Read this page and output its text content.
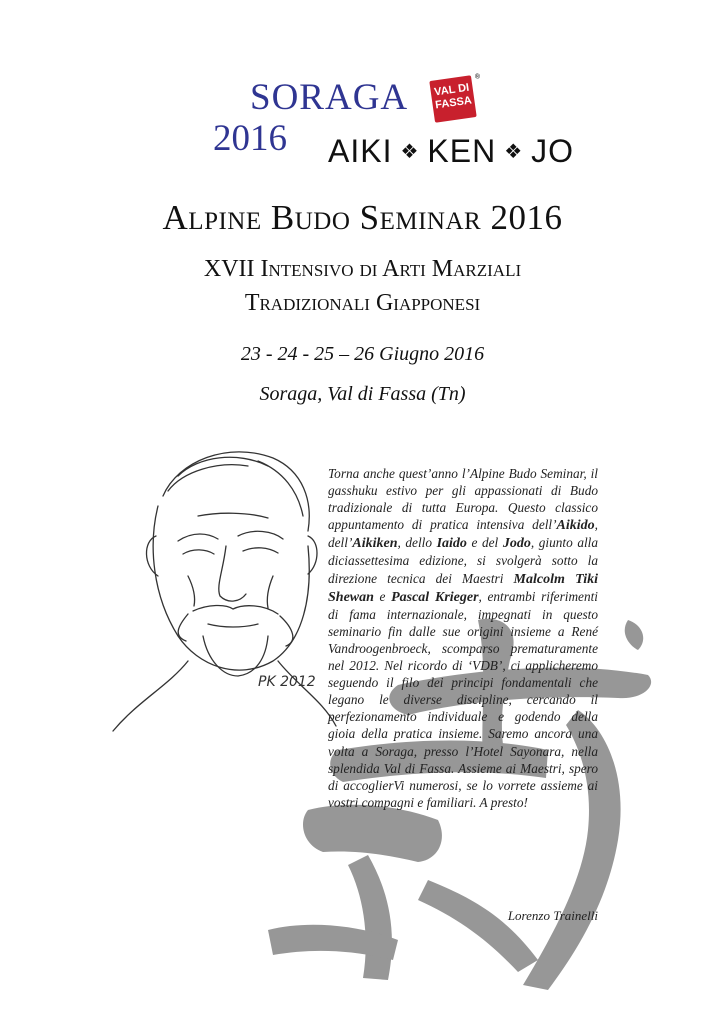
SORAGA	VAL DI
FASSA
®
2016 AIKI ❖ KEN ❖ JO
Alpine Budo Seminar 2016
XVII Intensivo di Arti Marziali
Tradizionali Giapponesi
23 - 24 - 25 – 26 Giugno 2016
Soraga, Val di Fassa (Tn)
PK 2012
Torna anche quest’anno l’Alpine Budo Seminar, il gasshuku estivo per gli appassionati di Budo tradizionale di tutta Europa. Questo classico appuntamento di pratica intensiva dell’Aikido, dell’Aikiken, dello Iaido e del Jodo, giunto alla diciassettesima edizione, si svolgerà sotto la direzione tecnica dei Maestri Malcolm Tiki Shewan e Pascal Krieger, entrambi riferimenti di fama internazionale, impegnati in questo seminario fin dalle sue origini insieme a René Vandroogenbroeck, scomparso prematuramente nel 2012. Nel ricordo di ‘VDB’, ci applicheremo seguendo il filo dei principi fondamentali che legano le diverse discipline, cercando il perfezionamento individuale e godendo della gioia della pratica insieme. Saremo ancora una volta a Soraga, presso l’Hotel Sayonara, nella splendida Val di Fassa. Assieme ai Maestri, spero di accoglierVi numerosi, se lo vorrete assieme ai vostri compagni e familiari. A presto!
Lorenzo Trainelli
